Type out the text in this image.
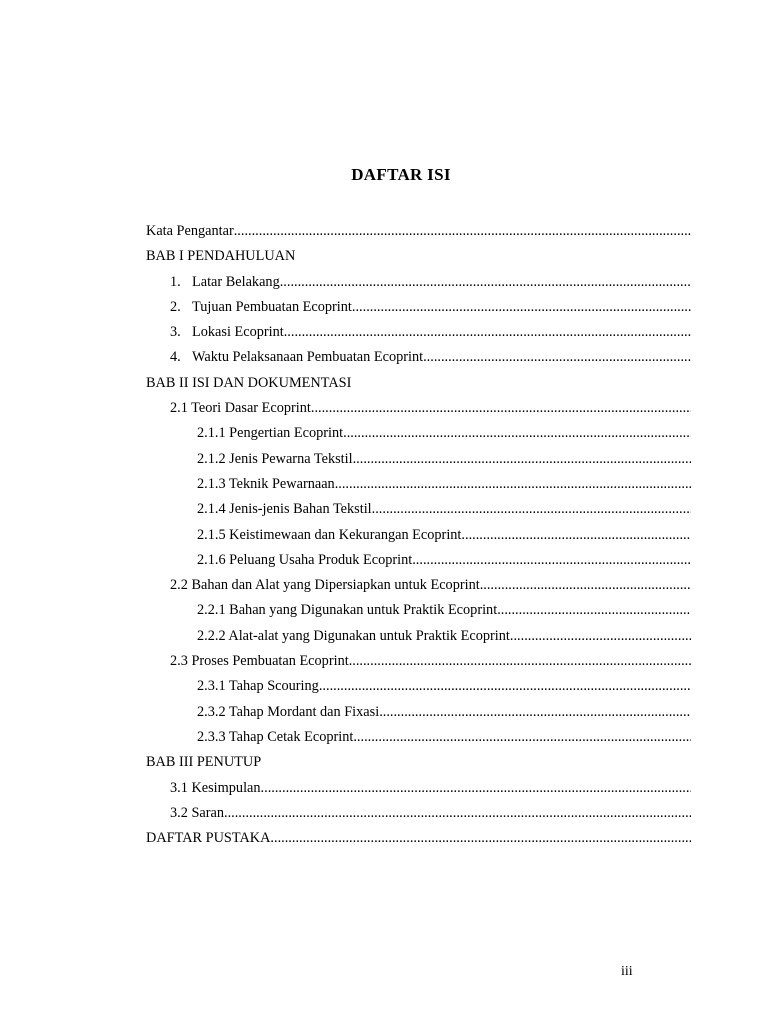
DAFTAR ISI
Kata Pengantar
.....
BAB I PENDAHULUAN
1. Latar Belakang
.....
2. Tujuan Pembuatan Ecoprint
.....
3. Lokasi Ecoprint
.....
4. Waktu Pelaksanaan Pembuatan Ecoprint
.....
BAB II ISI DAN DOKUMENTASI
2.1 Teori Dasar Ecoprint
.....
2.1.1 Pengertian Ecoprint
.....
2.1.2 Jenis Pewarna Tekstil
.....
2.1.3 Teknik Pewarnaan
.....
2.1.4 Jenis-jenis Bahan Tekstil
.....
2.1.5 Keistimewaan dan Kekurangan Ecoprint
.....
2.1.6 Peluang Usaha Produk Ecoprint
.....
2.2 Bahan dan Alat yang Dipersiapkan untuk Ecoprint
.....
2.2.1 Bahan yang Digunakan untuk Praktik Ecoprint
.....
2.2.2 Alat-alat yang Digunakan untuk Praktik Ecoprint
.....
2.3 Proses Pembuatan Ecoprint
.....
2.3.1 Tahap Scouring
.....
2.3.2 Tahap Mordant dan Fixasi
.....
2.3.3 Tahap Cetak Ecoprint
.....
BAB III PENUTUP
3.1 Kesimpulan
.....
3.2 Saran
.....
DAFTAR PUSTAKA
.....
iii
